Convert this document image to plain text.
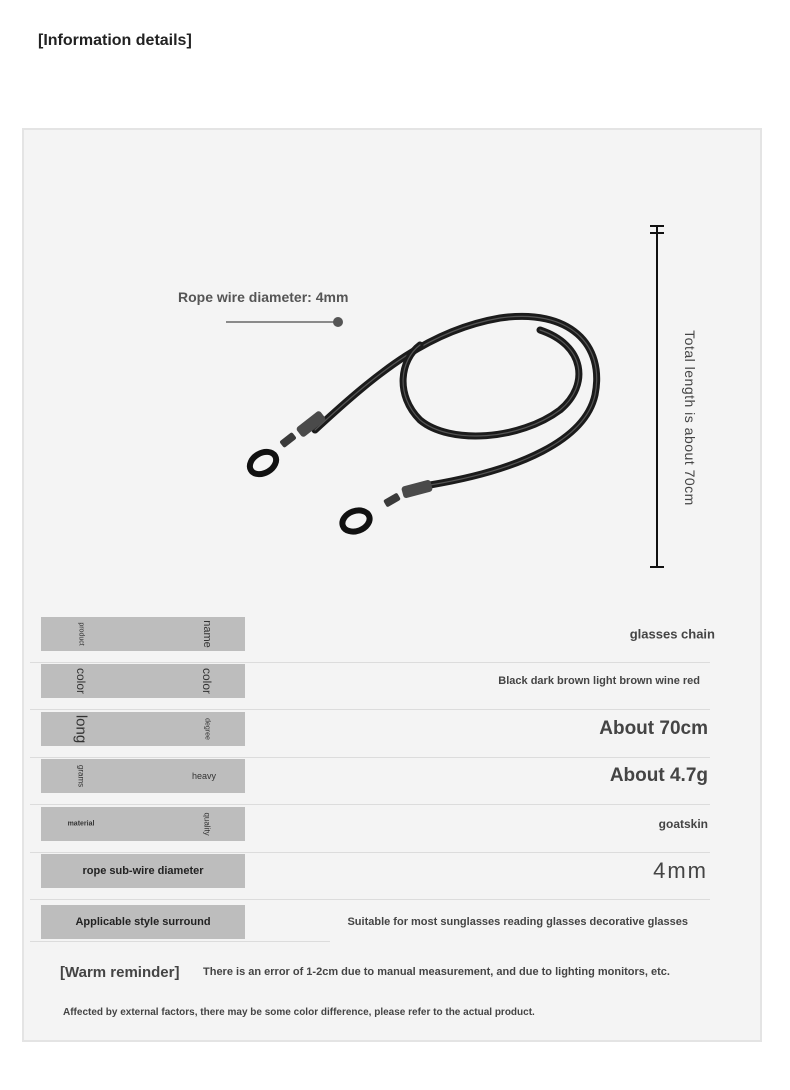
[Information details]
Rope wire diameter: 4mm
Total length is about 70cm
product	name	glasses chain
color	color	Black dark brown light brown wine red
long	degree	About 70cm
grams	heavy	About 4.7g
material	quality	goatskin
rope sub-wire diameter	4mm
Applicable style surround	Suitable for most sunglasses reading glasses decorative glasses
[Warm reminder] There is an error of 1-2cm due to manual measurement, and due to lighting monitors, etc.
Affected by external factors, there may be some color difference, please refer to the actual product.
